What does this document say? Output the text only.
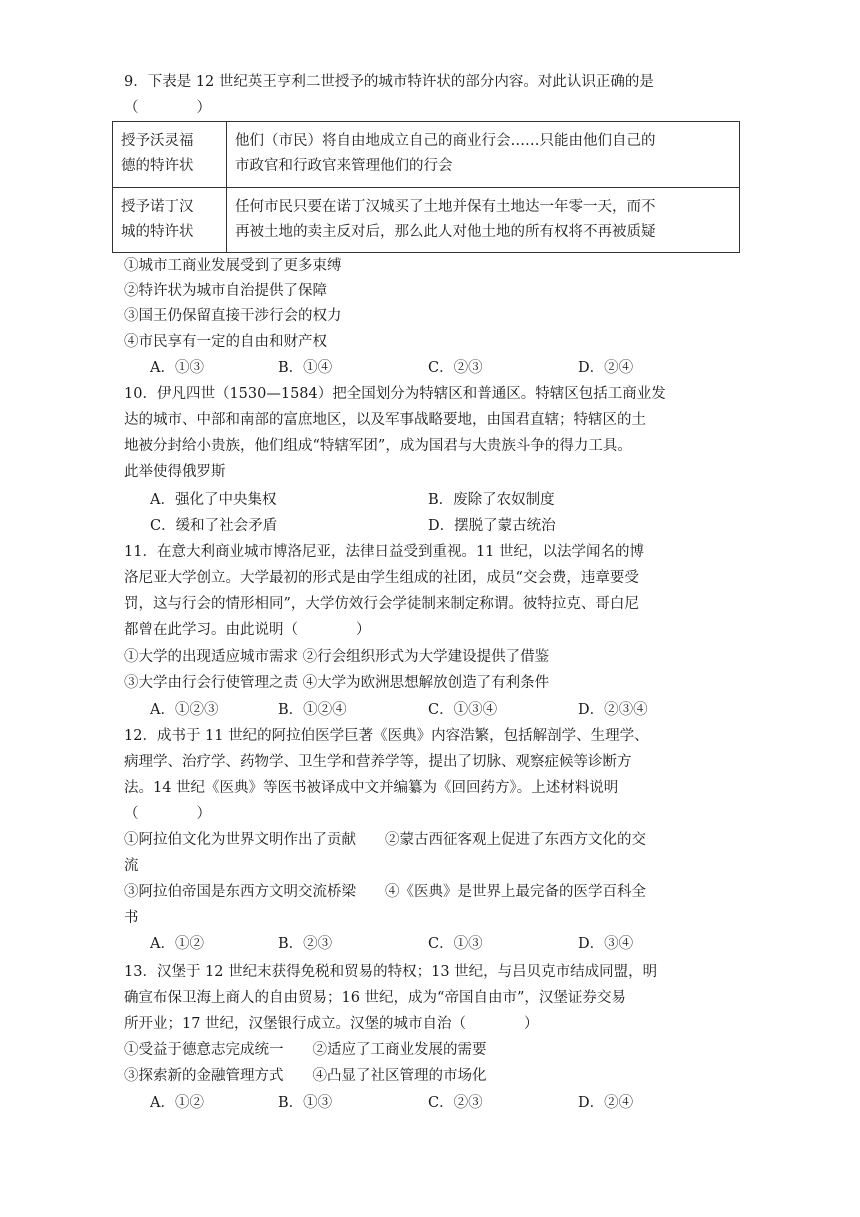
9．下表是 12 世纪英王亨利二世授予的城市特许状的部分内容。对此认识正确的是
（　　　　）
授予沃灵福
德的特许状	他们（市民）将自由地成立自己的商业行会……只能由他们自己的
市政官和行政官来管理他们的行会
授予诺丁汉
城的特许状	任何市民只要在诺丁汉城买了土地并保有土地达一年零一天，而不
再被土地的卖主反对后，那么此人对他土地的所有权将不再被质疑
①城市工商业发展受到了更多束缚
②特许状为城市自治提供了保障
③国王仍保留直接干涉行会的权力
④市民享有一定的自由和财产权
A．①③	B．①④	C．②③	D．②④
10．伊凡四世（1530—1584）把全国划分为特辖区和普通区。特辖区包括工商业发
达的城市、中部和南部的富庶地区，以及军事战略要地，由国君直辖；特辖区的土
地被分封给小贵族，他们组成“特辖军团”，成为国君与大贵族斗争的得力工具。
此举使得俄罗斯
A．强化了中央集权	B．废除了农奴制度
C．缓和了社会矛盾	D．摆脱了蒙古统治
11．在意大利商业城市博洛尼亚，法律日益受到重视。11 世纪，以法学闻名的博
洛尼亚大学创立。大学最初的形式是由学生组成的社团，成员“交会费，违章要受
罚，这与行会的情形相同”，大学仿效行会学徒制来制定称谓。彼特拉克、哥白尼
都曾在此学习。由此说明（　　　　）
①大学的出现适应城市需求 ②行会组织形式为大学建设提供了借鉴
③大学由行会行使管理之责 ④大学为欧洲思想解放创造了有利条件
A．①②③	B．①②④	C．①③④	D．②③④
12．成书于 11 世纪的阿拉伯医学巨著《医典》内容浩繁，包括解剖学、生理学、
病理学、治疗学、药物学、卫生学和营养学等，提出了切脉、观察症候等诊断方
法。14 世纪《医典》等医书被译成中文并编纂为《回回药方》。上述材料说明
（　　　　）
①阿拉伯文化为世界文明作出了贡献　　②蒙古西征客观上促进了东西方文化的交
流
③阿拉伯帝国是东西方文明交流桥梁　　④《医典》是世界上最完备的医学百科全
书
A．①②	B．②③	C．①③	D．③④
13．汉堡于 12 世纪末获得免税和贸易的特权；13 世纪，与吕贝克市结成同盟，明
确宣布保卫海上商人的自由贸易；16 世纪，成为“帝国自由市”，汉堡证券交易
所开业；17 世纪，汉堡银行成立。汉堡的城市自治（　　　　）
①受益于德意志完成统一　　②适应了工商业发展的需要
③探索新的金融管理方式　　④凸显了社区管理的市场化
A．①②	B．①③	C．②③	D．②④
